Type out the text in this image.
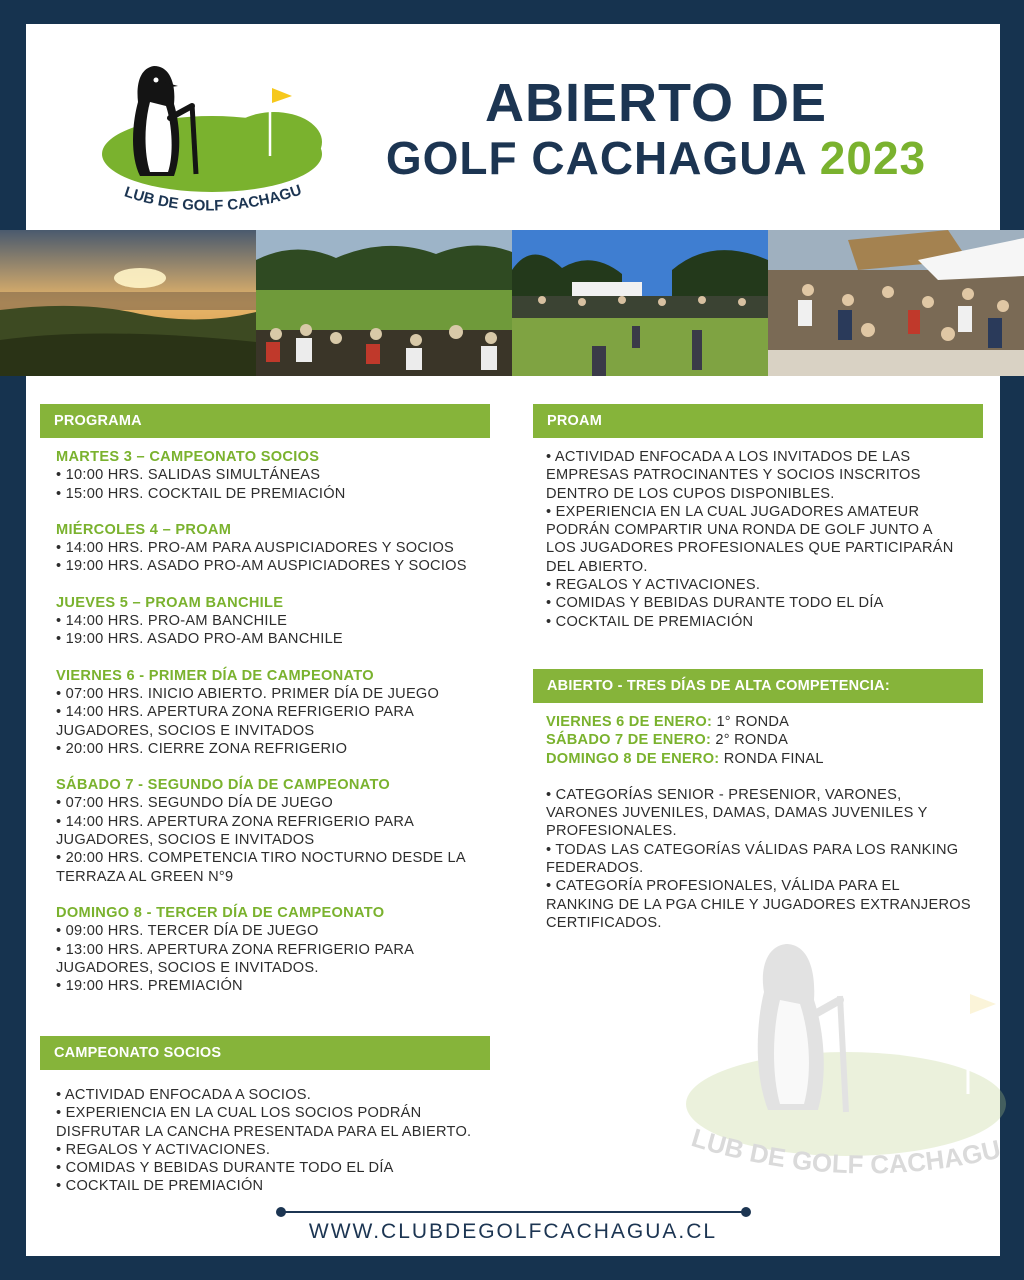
LUB DE GOLF CACHAGU
ABIERTO DE
GOLF CACHAGUA 2023
LUB DE GOLF CACHAGU
PROGRAMA
MARTES 3 – CAMPEONATO SOCIOS
• 10:00 HRS. SALIDAS SIMULTÁNEAS
• 15:00 HRS. COCKTAIL DE PREMIACIÓN
MIÉRCOLES 4 – PROAM
• 14:00 HRS. PRO-AM PARA AUSPICIADORES Y SOCIOS
• 19:00 HRS. ASADO PRO-AM AUSPICIADORES Y SOCIOS
JUEVES 5 – PROAM BANCHILE
• 14:00 HRS. PRO-AM BANCHILE
• 19:00 HRS. ASADO PRO-AM BANCHILE
VIERNES 6 - PRIMER DÍA DE CAMPEONATO
• 07:00 HRS. INICIO ABIERTO. PRIMER DÍA DE JUEGO
• 14:00 HRS. APERTURA ZONA REFRIGERIO PARA
JUGADORES, SOCIOS E INVITADOS
• 20:00 HRS. CIERRE ZONA REFRIGERIO
SÁBADO 7 - SEGUNDO DÍA DE CAMPEONATO
• 07:00 HRS. SEGUNDO DÍA DE JUEGO
• 14:00 HRS. APERTURA ZONA REFRIGERIO PARA
JUGADORES, SOCIOS E INVITADOS
• 20:00 HRS. COMPETENCIA TIRO NOCTURNO DESDE LA
TERRAZA AL GREEN N°9
DOMINGO 8 - TERCER DÍA DE CAMPEONATO
• 09:00 HRS. TERCER DÍA DE JUEGO
• 13:00 HRS. APERTURA ZONA REFRIGERIO PARA
JUGADORES, SOCIOS E INVITADOS.
• 19:00 HRS. PREMIACIÓN
CAMPEONATO SOCIOS
• ACTIVIDAD ENFOCADA A SOCIOS.
• EXPERIENCIA EN LA CUAL LOS SOCIOS PODRÁN
DISFRUTAR LA CANCHA PRESENTADA PARA EL ABIERTO.
• REGALOS Y ACTIVACIONES.
• COMIDAS Y BEBIDAS DURANTE TODO EL DÍA
• COCKTAIL DE PREMIACIÓN
PROAM
• ACTIVIDAD ENFOCADA A LOS INVITADOS DE LAS
EMPRESAS PATROCINANTES Y SOCIOS INSCRITOS
DENTRO DE LOS CUPOS DISPONIBLES.
• EXPERIENCIA EN LA CUAL JUGADORES AMATEUR
PODRÁN COMPARTIR UNA RONDA DE GOLF JUNTO A
LOS JUGADORES PROFESIONALES QUE PARTICIPARÁN
DEL ABIERTO.
• REGALOS Y ACTIVACIONES.
• COMIDAS Y BEBIDAS DURANTE TODO EL DÍA
• COCKTAIL DE PREMIACIÓN
ABIERTO - TRES DÍAS DE ALTA COMPETENCIA:
VIERNES 6 DE ENERO: 1° RONDA
SÁBADO 7 DE ENERO: 2° RONDA
DOMINGO 8 DE ENERO: RONDA FINAL
• CATEGORÍAS SENIOR - PRESENIOR, VARONES,
VARONES JUVENILES, DAMAS, DAMAS JUVENILES Y
PROFESIONALES.
• TODAS LAS CATEGORÍAS VÁLIDAS PARA LOS RANKING
FEDERADOS.
• CATEGORÍA PROFESIONALES, VÁLIDA PARA EL
RANKING DE LA PGA CHILE Y JUGADORES EXTRANJEROS
CERTIFICADOS.
WWW.CLUBDEGOLFCACHAGUA.CL
